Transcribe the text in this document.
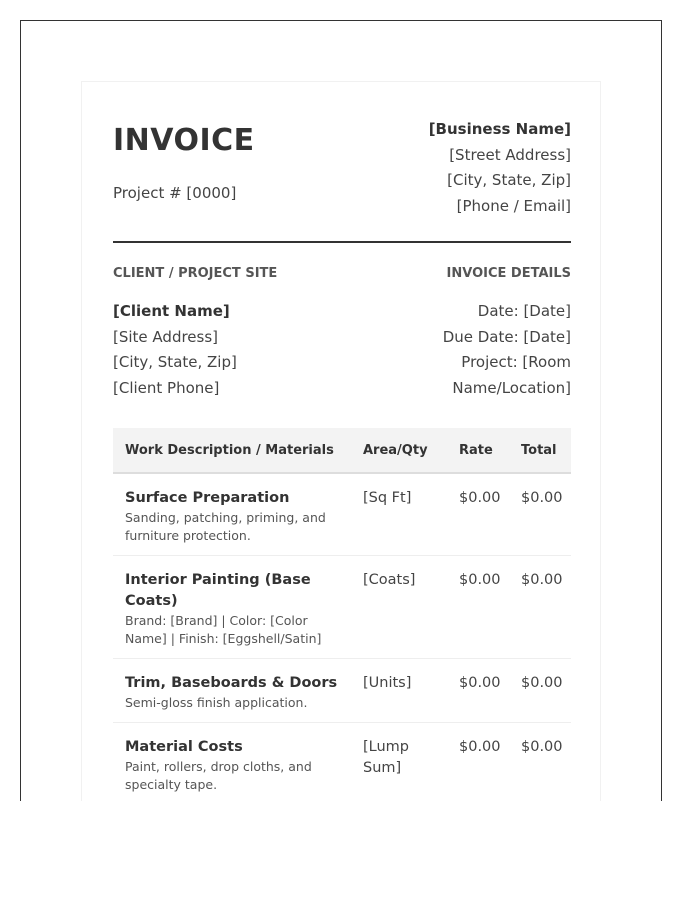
INVOICE
Project # [0000]
[Business Name]
[Street Address]
[City, State, Zip]
[Phone / Email]
CLIENT / PROJECT SITE
[Client Name]
[Site Address]
[City, State, Zip]
[Client Phone]
INVOICE DETAILS
Date: [Date]
Due Date: [Date]
Project: [Room
Name/Location]
Work Description / Materials	Area/Qty	Rate	Total

Surface Preparation
Sanding, patching, priming, and furniture protection.	[Sq Ft]	$0.00	$0.00

Interior Painting (Base Coats)
Brand: [Brand] | Color: [Color Name] | Finish: [Eggshell/Satin]	[Coats]	$0.00	$0.00

Trim, Baseboards & Doors
Semi-gloss finish application.	[Units]	$0.00	$0.00

Material Costs
Paint, rollers, drop cloths, and specialty tape.	[Lump Sum]	$0.00	$0.00
